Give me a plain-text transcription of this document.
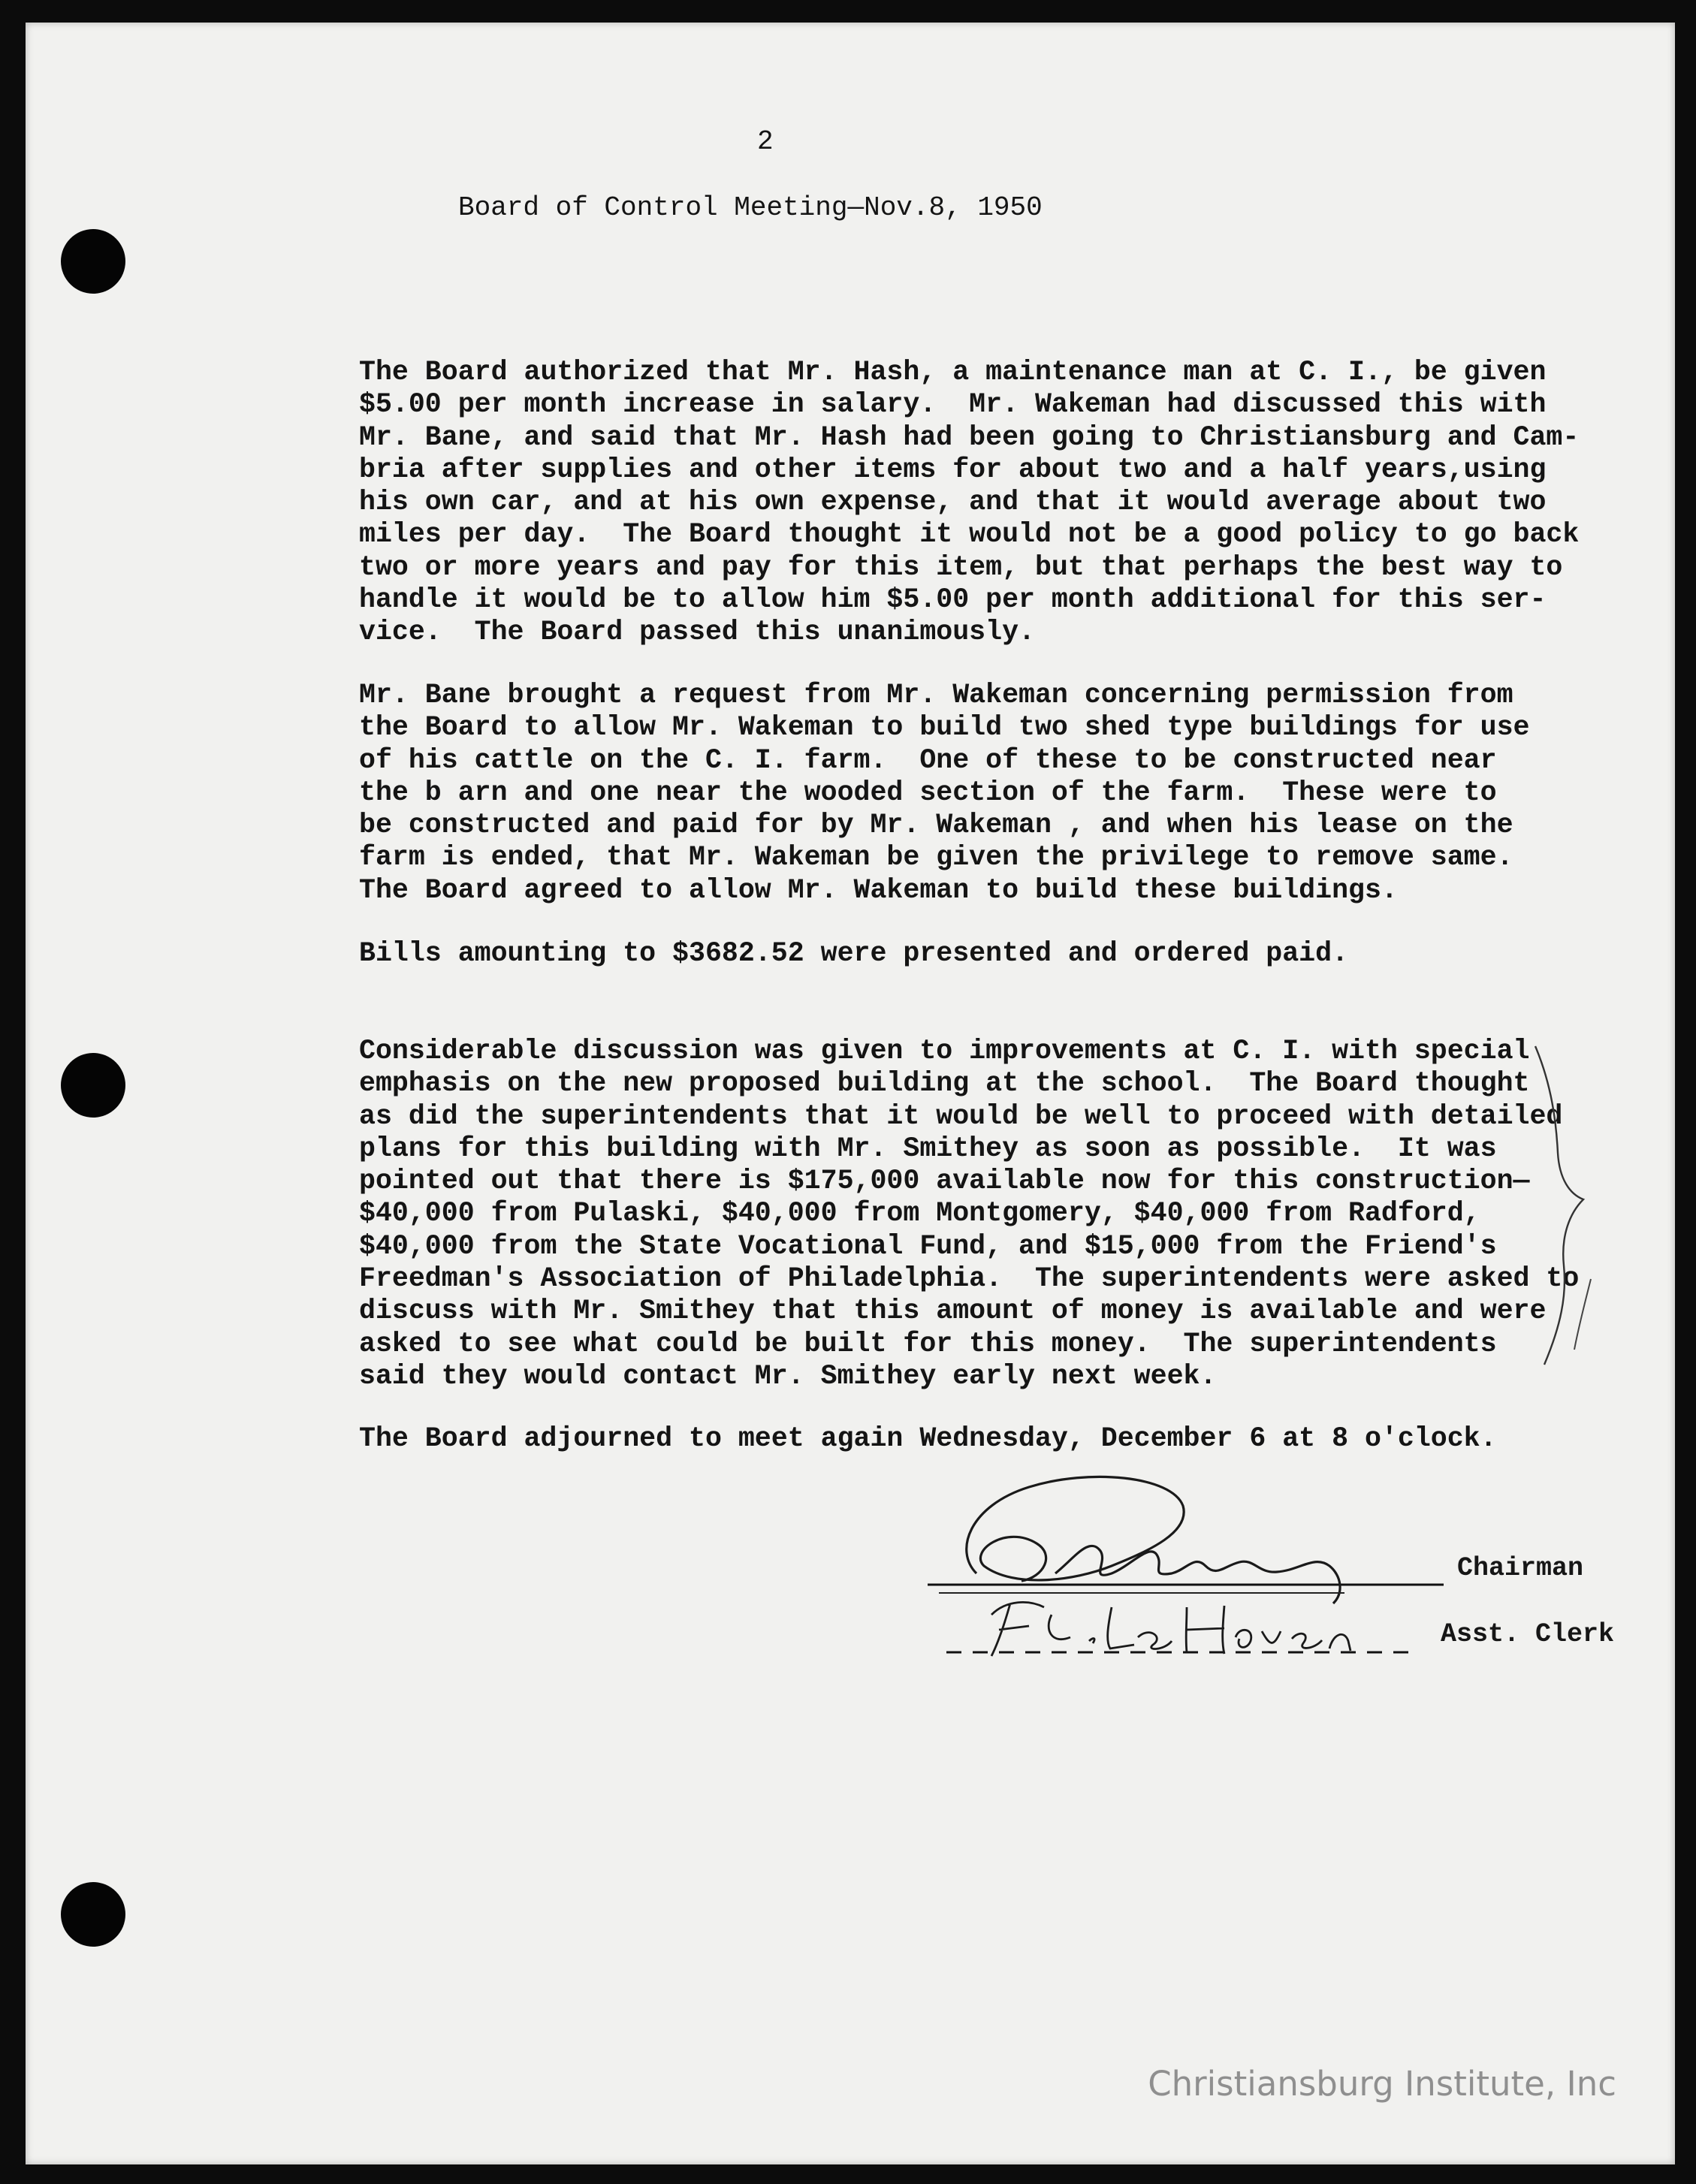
2
Board of Control Meeting—Nov.8, 1950
The Board authorized that Mr. Hash, a maintenance man at C. I., be given
$5.00 per month increase in salary.  Mr. Wakeman had discussed this with
Mr. Bane, and said that Mr. Hash had been going to Christiansburg and Cam-
bria after supplies and other items for about two and a half years,using
his own car, and at his own expense, and that it would average about two
miles per day.  The Board thought it would not be a good policy to go back
two or more years and pay for this item, but that perhaps the best way to
handle it would be to allow him $5.00 per month additional for this ser-
vice.  The Board passed this unanimously.
Mr. Bane brought a request from Mr. Wakeman concerning permission from
the Board to allow Mr. Wakeman to build two shed type buildings for use
of his cattle on the C. I. farm.  One of these to be constructed near
the b arn and one near the wooded section of the farm.  These were to
be constructed and paid for by Mr. Wakeman , and when his lease on the
farm is ended, that Mr. Wakeman be given the privilege to remove same.
The Board agreed to allow Mr. Wakeman to build these buildings.
Bills amounting to $3682.52 were presented and ordered paid.
Considerable discussion was given to improvements at C. I. with special
emphasis on the new proposed building at the school.  The Board thought
as did the superintendents that it would be well to proceed with detailed
plans for this building with Mr. Smithey as soon as possible.  It was
pointed out that there is $175,000 available now for this construction—
$40,000 from Pulaski, $40,000 from Montgomery, $40,000 from Radford,
$40,000 from the State Vocational Fund, and $15,000 from the Friend's
Freedman's Association of Philadelphia.  The superintendents were asked to
discuss with Mr. Smithey that this amount of money is available and were
asked to see what could be built for this money.  The superintendents
said they would contact Mr. Smithey early next week.
The Board adjourned to meet again Wednesday, December 6 at 8 o'clock.
Chairman
Asst. Clerk
Christiansburg Institute, Inc
